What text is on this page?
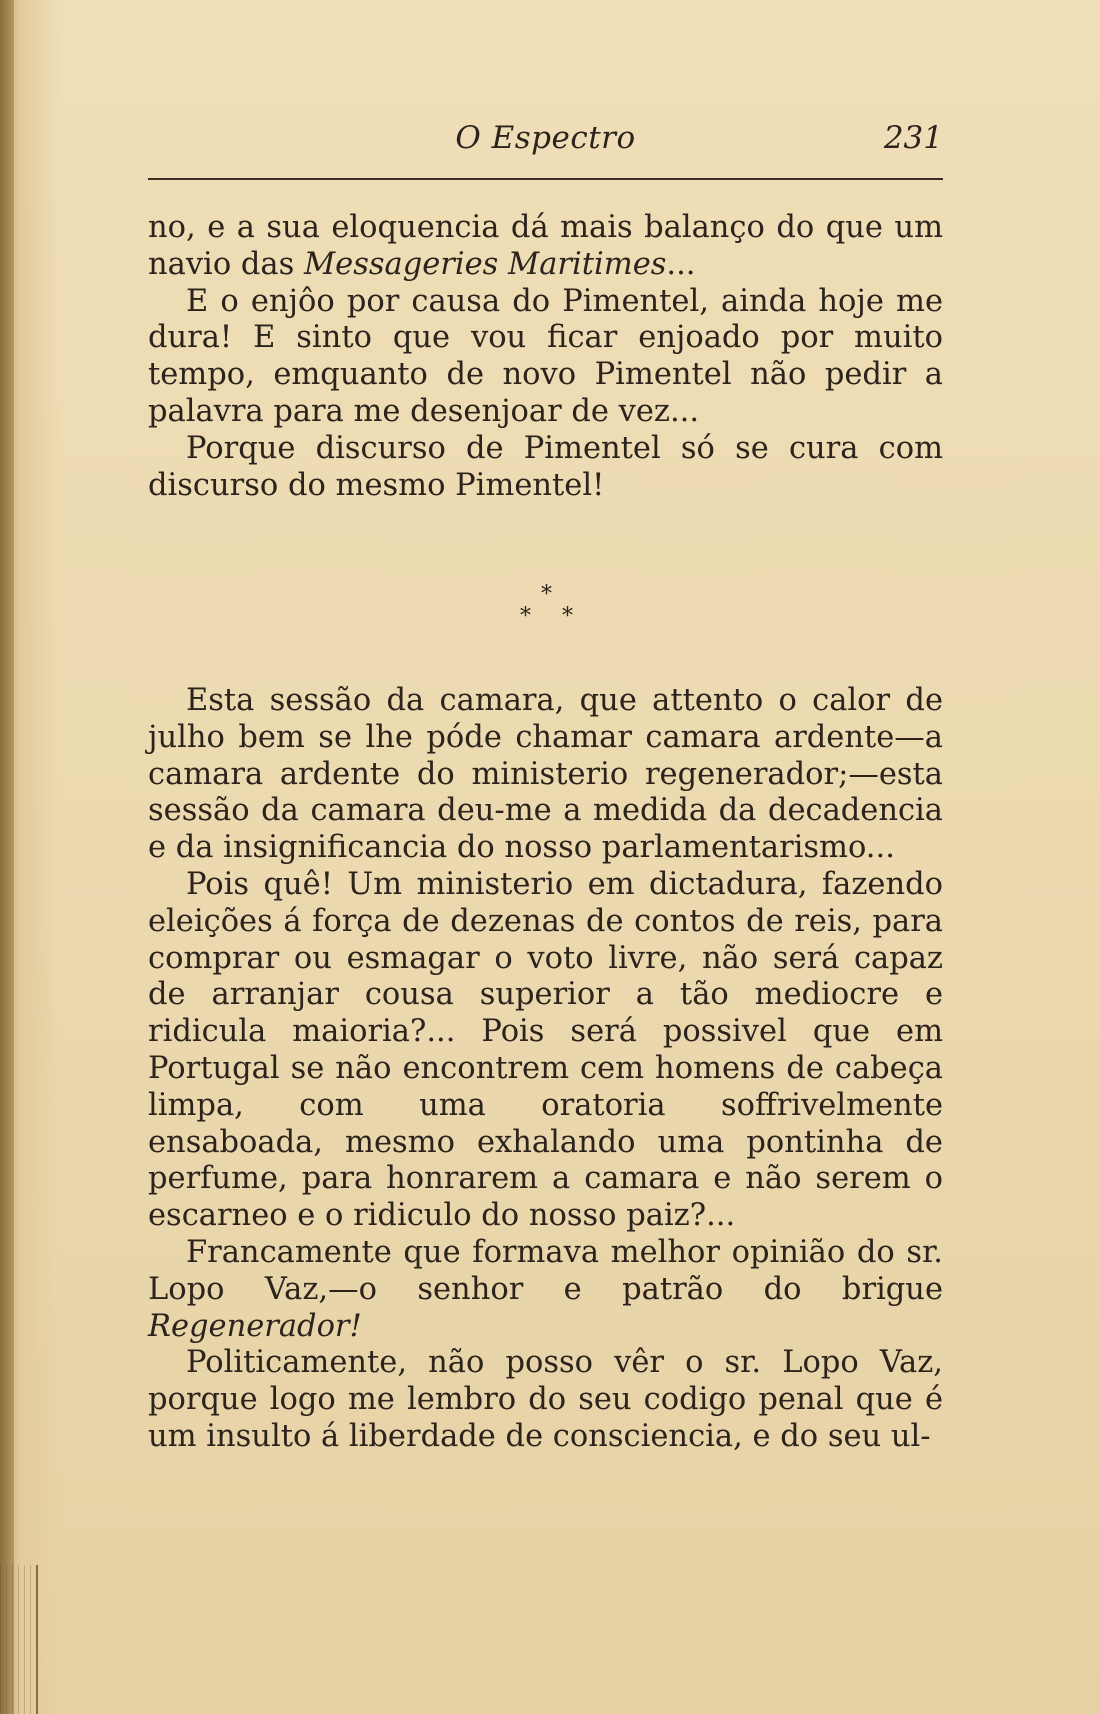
O Espectro	231

no, e a sua eloquencia dá mais balanço do que um navio das Messageries Maritimes...

E o enjôo por causa do Pimentel, ainda hoje me dura! E sinto que vou ficar enjoado por muito tempo, emquanto de novo Pimentel não pedir a palavra para me desenjoar de vez...

Porque discurso de Pimentel só se cura com discurso do mesmo Pimentel!

*
* *

Esta sessão da camara, que attento o calor de julho bem se lhe póde chamar camara ardente—a camara ardente do ministerio regenerador;—esta sessão da camara deu-me a medida da decadencia e da insignificancia do nosso parlamentarismo...

Pois quê! Um ministerio em dictadura, fazendo eleições á força de dezenas de contos de reis, para comprar ou esmagar o voto livre, não será capaz de arranjar cousa superior a tão mediocre e ridicula maioria?... Pois será possivel que em Portugal se não encontrem cem homens de cabeça limpa, com uma oratoria soffrivelmente ensaboada, mesmo exhalando uma pontinha de perfume, para honrarem a camara e não serem o escarneo e o ridiculo do nosso paiz?...

Francamente que formava melhor opinião do sr. Lopo Vaz,—o senhor e patrão do brigue Regenerador!

Politicamente, não posso vêr o sr. Lopo Vaz, porque logo me lembro do seu codigo penal que é um insulto á liberdade de consciencia, e do seu ul-
